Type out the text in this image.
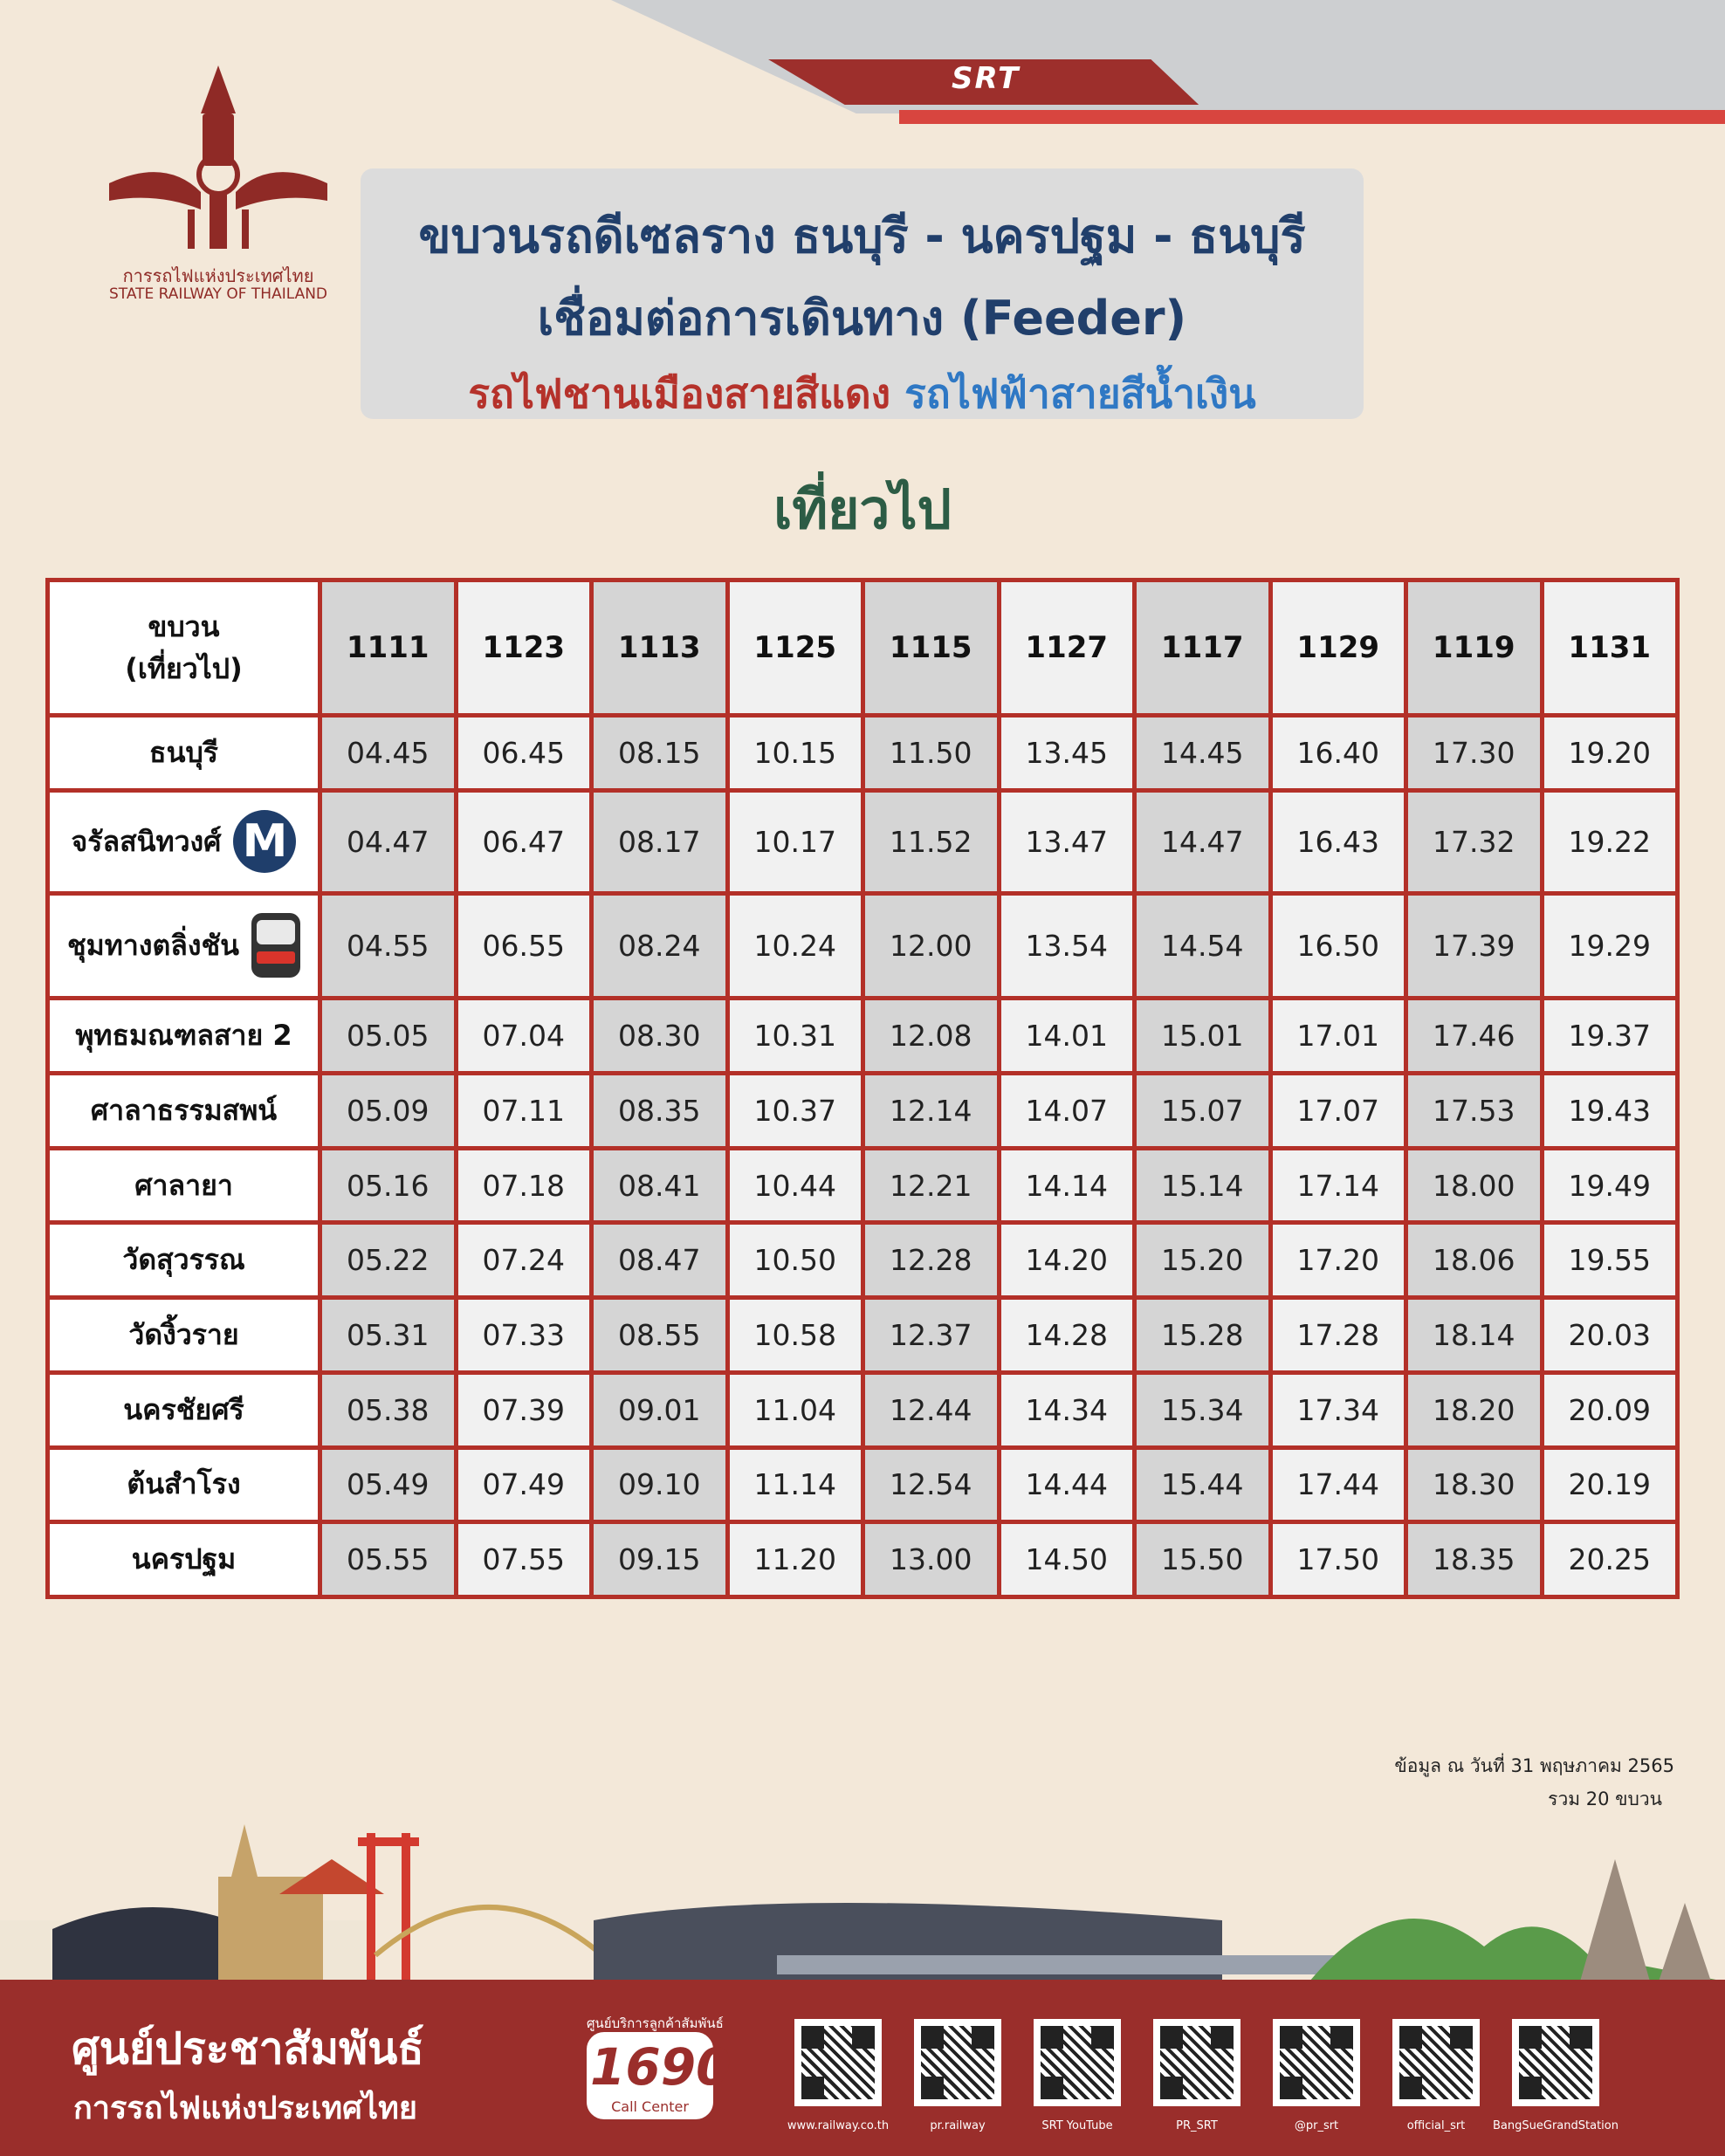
SRT
การรถไฟแห่งประเทศไทย
STATE RAILWAY OF THAILAND
ขบวนรถดีเซลราง ธนบุรี - นครปฐม - ธนบุรี
เชื่อมต่อการเดินทาง (Feeder)
รถไฟชานเมืองสายสีแดง รถไฟฟ้าสายสีน้ำเงิน
เที่ยวไป
ขบวน
(เที่ยวไป)	1111	1123	1113	1125	1115	1127	1117	1129	1119	1131

ธนบุรี	04.45	06.45	08.15	10.15	11.50	13.45	14.45	16.40	17.30	19.20

จรัลสนิทวงศ์ M	04.47	06.47	08.17	10.17	11.52	13.47	14.47	16.43	17.32	19.22

ชุมทางตลิ่งชัน	04.55	06.55	08.24	10.24	12.00	13.54	14.54	16.50	17.39	19.29

พุทธมณฑลสาย 2	05.05	07.04	08.30	10.31	12.08	14.01	15.01	17.01	17.46	19.37

ศาลาธรรมสพน์	05.09	07.11	08.35	10.37	12.14	14.07	15.07	17.07	17.53	19.43

ศาลายา	05.16	07.18	08.41	10.44	12.21	14.14	15.14	17.14	18.00	19.49

วัดสุวรรณ	05.22	07.24	08.47	10.50	12.28	14.20	15.20	17.20	18.06	19.55

วัดงิ้วราย	05.31	07.33	08.55	10.58	12.37	14.28	15.28	17.28	18.14	20.03

นครชัยศรี	05.38	07.39	09.01	11.04	12.44	14.34	15.34	17.34	18.20	20.09

ต้นสำโรง	05.49	07.49	09.10	11.14	12.54	14.44	15.44	17.44	18.30	20.19

นครปฐม	05.55	07.55	09.15	11.20	13.00	14.50	15.50	17.50	18.35	20.25
ข้อมูล ณ วันที่ 31 พฤษภาคม 2565
รวม 20 ขบวน
ศูนย์ประชาสัมพันธ์
การรถไฟแห่งประเทศไทย
ศูนย์บริการลูกค้าสัมพันธ์
1690
Call Center
www.railway.co.th	pr.railway	SRT YouTube	PR_SRT	@pr_srt	official_srt	BangSueGrandStation
